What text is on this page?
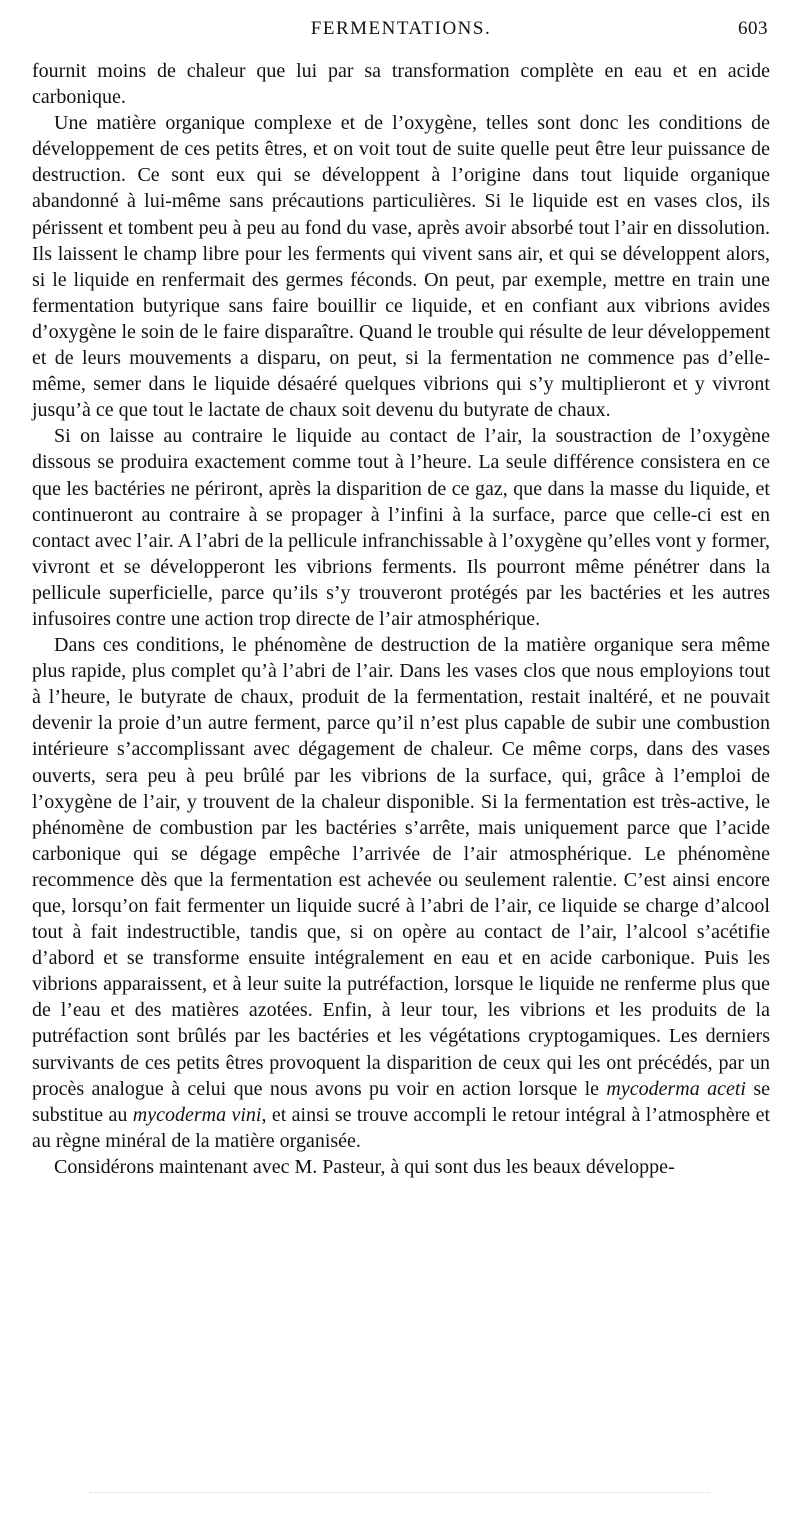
FERMENTATIONS.	603

fournit moins de chaleur que lui par sa transformation complète en eau et en acide carbonique.

Une matière organique complexe et de l’oxygène, telles sont donc les conditions de développement de ces petits êtres, et on voit tout de suite quelle peut être leur puissance de destruction. Ce sont eux qui se développent à l’origine dans tout liquide organique abandonné à lui-même sans précautions particulières. Si le liquide est en vases clos, ils périssent et tombent peu à peu au fond du vase, après avoir absorbé tout l’air en dissolution. Ils laissent le champ libre pour les ferments qui vivent sans air, et qui se développent alors, si le liquide en renfermait des germes féconds. On peut, par exemple, mettre en train une fermentation butyrique sans faire bouillir ce liquide, et en confiant aux vibrions avides d’oxygène le soin de le faire disparaître. Quand le trouble qui résulte de leur développement et de leurs mouvements a disparu, on peut, si la fermentation ne commence pas d’elle-même, semer dans le liquide désaéré quelques vibrions qui s’y multiplieront et y vivront jusqu’à ce que tout le lactate de chaux soit devenu du butyrate de chaux.

Si on laisse au contraire le liquide au contact de l’air, la soustraction de l’oxygène dissous se produira exactement comme tout à l’heure. La seule différence consistera en ce que les bactéries ne périront, après la disparition de ce gaz, que dans la masse du liquide, et continueront au contraire à se propager à l’infini à la surface, parce que celle-ci est en contact avec l’air. A l’abri de la pellicule infranchissable à l’oxygène qu’elles vont y former, vivront et se développeront les vibrions ferments. Ils pourront même pénétrer dans la pellicule superficielle, parce qu’ils s’y trouveront protégés par les bactéries et les autres infusoires contre une action trop directe de l’air atmosphérique.

Dans ces conditions, le phénomène de destruction de la matière organique sera même plus rapide, plus complet qu’à l’abri de l’air. Dans les vases clos que nous employions tout à l’heure, le butyrate de chaux, produit de la fermentation, restait inaltéré, et ne pouvait devenir la proie d’un autre ferment, parce qu’il n’est plus capable de subir une combustion intérieure s’accomplissant avec dégagement de chaleur. Ce même corps, dans des vases ouverts, sera peu à peu brûlé par les vibrions de la surface, qui, grâce à l’emploi de l’oxygène de l’air, y trouvent de la chaleur disponible. Si la fermentation est très-active, le phénomène de combustion par les bactéries s’arrête, mais uniquement parce que l’acide carbonique qui se dégage empêche l’arrivée de l’air atmosphérique. Le phénomène recommence dès que la fermentation est achevée ou seulement ralentie. C’est ainsi encore que, lorsqu’on fait fermenter un liquide sucré à l’abri de l’air, ce liquide se charge d’alcool tout à fait indestructible, tandis que, si on opère au contact de l’air, l’alcool s’acétifie d’abord et se transforme ensuite intégralement en eau et en acide carbonique. Puis les vibrions apparaissent, et à leur suite la putréfaction, lorsque le liquide ne renferme plus que de l’eau et des matières azotées. Enfin, à leur tour, les vibrions et les produits de la putréfaction sont brûlés par les bactéries et les végétations cryptogamiques. Les derniers survivants de ces petits êtres provoquent la disparition de ceux qui les ont précédés, par un procès analogue à celui que nous avons pu voir en action lorsque le mycoderma aceti se substitue au mycoderma vini, et ainsi se trouve accompli le retour intégral à l’atmosphère et au règne minéral de la matière organisée.

Considérons maintenant avec M. Pasteur, à qui sont dus les beaux développe-
